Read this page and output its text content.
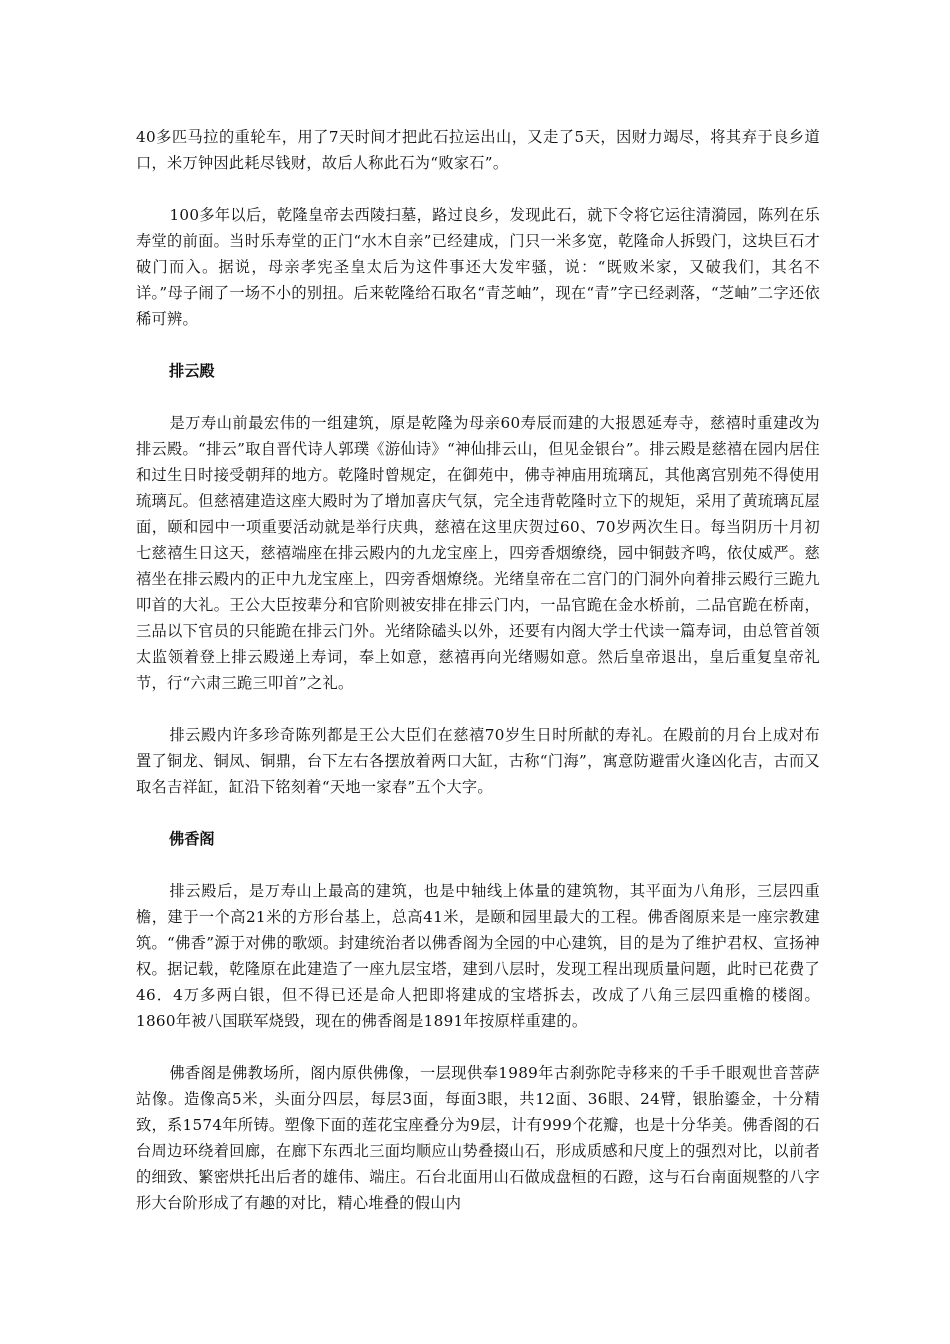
40多匹马拉的重轮车，用了7天时间才把此石拉运出山，又走了5天，因财力竭尽，将其弃于良乡道口，米万钟因此耗尽钱财，故后人称此石为“败家石”。

100多年以后，乾隆皇帝去西陵扫墓，路过良乡，发现此石，就下令将它运往清漪园，陈列在乐寿堂的前面。当时乐寿堂的正门“水木自亲”已经建成，门只一米多宽，乾隆命人拆毁门，这块巨石才破门而入。据说，母亲孝宪圣皇太后为这件事还大发牢骚，说：“既败米家，又破我们，其名不详。”母子闹了一场不小的别扭。后来乾隆给石取名“青芝岫”，现在“青”字已经剥落，“芝岫”二字还依稀可辨。

排云殿

是万寿山前最宏伟的一组建筑，原是乾隆为母亲60寿辰而建的大报恩延寿寺，慈禧时重建改为排云殿。“排云”取自晋代诗人郭璞《游仙诗》“神仙排云山，但见金银台”。排云殿是慈禧在园内居住和过生日时接受朝拜的地方。乾隆时曾规定，在御苑中，佛寺神庙用琉璃瓦，其他离宫别苑不得使用琉璃瓦。但慈禧建造这座大殿时为了增加喜庆气氛，完全违背乾隆时立下的规矩，采用了黄琉璃瓦屋面，颐和园中一项重要活动就是举行庆典，慈禧在这里庆贺过60、70岁两次生日。每当阴历十月初七慈禧生日这天，慈禧端座在排云殿内的九龙宝座上，四旁香烟缭绕，园中铜鼓齐鸣，依仗威严。慈禧坐在排云殿内的正中九龙宝座上，四旁香烟燎绕。光绪皇帝在二宫门的门洞外向着排云殿行三跪九叩首的大礼。王公大臣按辈分和官阶则被安排在排云门内，一品官跪在金水桥前，二品官跪在桥南，三品以下官员的只能跪在排云门外。光绪除磕头以外，还要有内阁大学士代读一篇寿词，由总管首领太监领着登上排云殿递上寿词，奉上如意，慈禧再向光绪赐如意。然后皇帝退出，皇后重复皇帝礼节，行“六肃三跪三叩首”之礼。

排云殿内许多珍奇陈列都是王公大臣们在慈禧70岁生日时所献的寿礼。在殿前的月台上成对布置了铜龙、铜凤、铜鼎，台下左右各摆放着两口大缸，古称“门海”，寓意防避雷火逢凶化吉，古而又取名吉祥缸，缸沿下铭刻着“天地一家春”五个大字。

佛香阁

排云殿后，是万寿山上最高的建筑，也是中轴线上体量的建筑物，其平面为八角形，三层四重檐，建于一个高21米的方形台基上，总高41米，是颐和园里最大的工程。佛香阁原来是一座宗教建筑。“佛香”源于对佛的歌颂。封建统治者以佛香阁为全园的中心建筑，目的是为了维护君权、宣扬神权。据记载，乾隆原在此建造了一座九层宝塔，建到八层时，发现工程出现质量问题，此时已花费了46．4万多两白银，但不得已还是命人把即将建成的宝塔拆去，改成了八角三层四重檐的楼阁。1860年被八国联军烧毁，现在的佛香阁是1891年按原样重建的。

佛香阁是佛教场所，阁内原供佛像，一层现供奉1989年古刹弥陀寺移来的千手千眼观世音菩萨站像。造像高5米，头面分四层，每层3面，每面3眼，共12面、36眼、24臂，银胎鎏金，十分精致，系1574年所铸。塑像下面的莲花宝座叠分为9层，计有999个花瓣，也是十分华美。佛香阁的石台周边环绕着回廊，在廊下东西北三面均顺应山势叠掇山石，形成质感和尺度上的强烈对比，以前者的细致、繁密烘托出后者的雄伟、端庄。石台北面用山石做成盘桓的石蹬，这与石台南面规整的八字形大台阶形成了有趣的对比，精心堆叠的假山内
